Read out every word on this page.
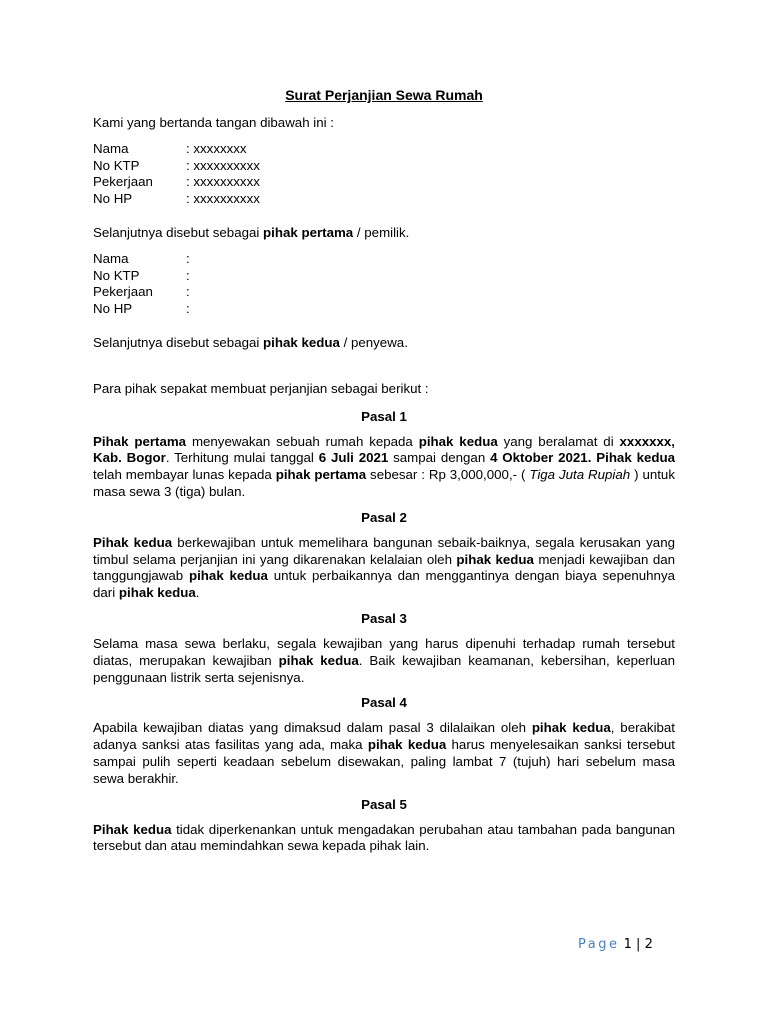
Surat Perjanjian Sewa Rumah

Kami yang bertanda tangan dibawah ini :

Nama	: xxxxxxxx
No KTP	: xxxxxxxxxx
Pekerjaan	: xxxxxxxxxx
No HP	: xxxxxxxxxx

Selanjutnya disebut sebagai pihak pertama / pemilik.

Nama	:
No KTP	:
Pekerjaan	:
No HP	:

Selanjutnya disebut sebagai pihak kedua / penyewa.

Para pihak sepakat membuat perjanjian sebagai berikut :

Pasal 1

Pihak pertama menyewakan sebuah rumah kepada pihak kedua yang beralamat di xxxxxxx, Kab. Bogor. Terhitung mulai tanggal 6 Juli 2021 sampai dengan 4 Oktober 2021. Pihak kedua telah membayar lunas kepada pihak pertama sebesar : Rp 3,000,000,- ( Tiga Juta Rupiah ) untuk masa sewa 3 (tiga) bulan.

Pasal 2

Pihak kedua berkewajiban untuk memelihara bangunan sebaik-baiknya, segala kerusakan yang timbul selama perjanjian ini yang dikarenakan kelalaian oleh pihak kedua menjadi kewajiban dan tanggungjawab pihak kedua untuk perbaikannya dan menggantinya dengan biaya sepenuhnya dari pihak kedua.

Pasal 3

Selama masa sewa berlaku, segala kewajiban yang harus dipenuhi terhadap rumah tersebut diatas, merupakan kewajiban pihak kedua. Baik kewajiban keamanan, kebersihan, keperluan penggunaan listrik serta sejenisnya.

Pasal 4

Apabila kewajiban diatas yang dimaksud dalam pasal 3 dilalaikan oleh pihak kedua, berakibat adanya sanksi atas fasilitas yang ada, maka pihak kedua harus menyelesaikan sanksi tersebut sampai pulih seperti keadaan sebelum disewakan, paling lambat 7 (tujuh) hari sebelum masa sewa berakhir.

Pasal 5

Pihak kedua tidak diperkenankan untuk mengadakan perubahan atau tambahan pada bangunan tersebut dan atau memindahkan sewa kepada pihak lain.

Page 1 | 2
